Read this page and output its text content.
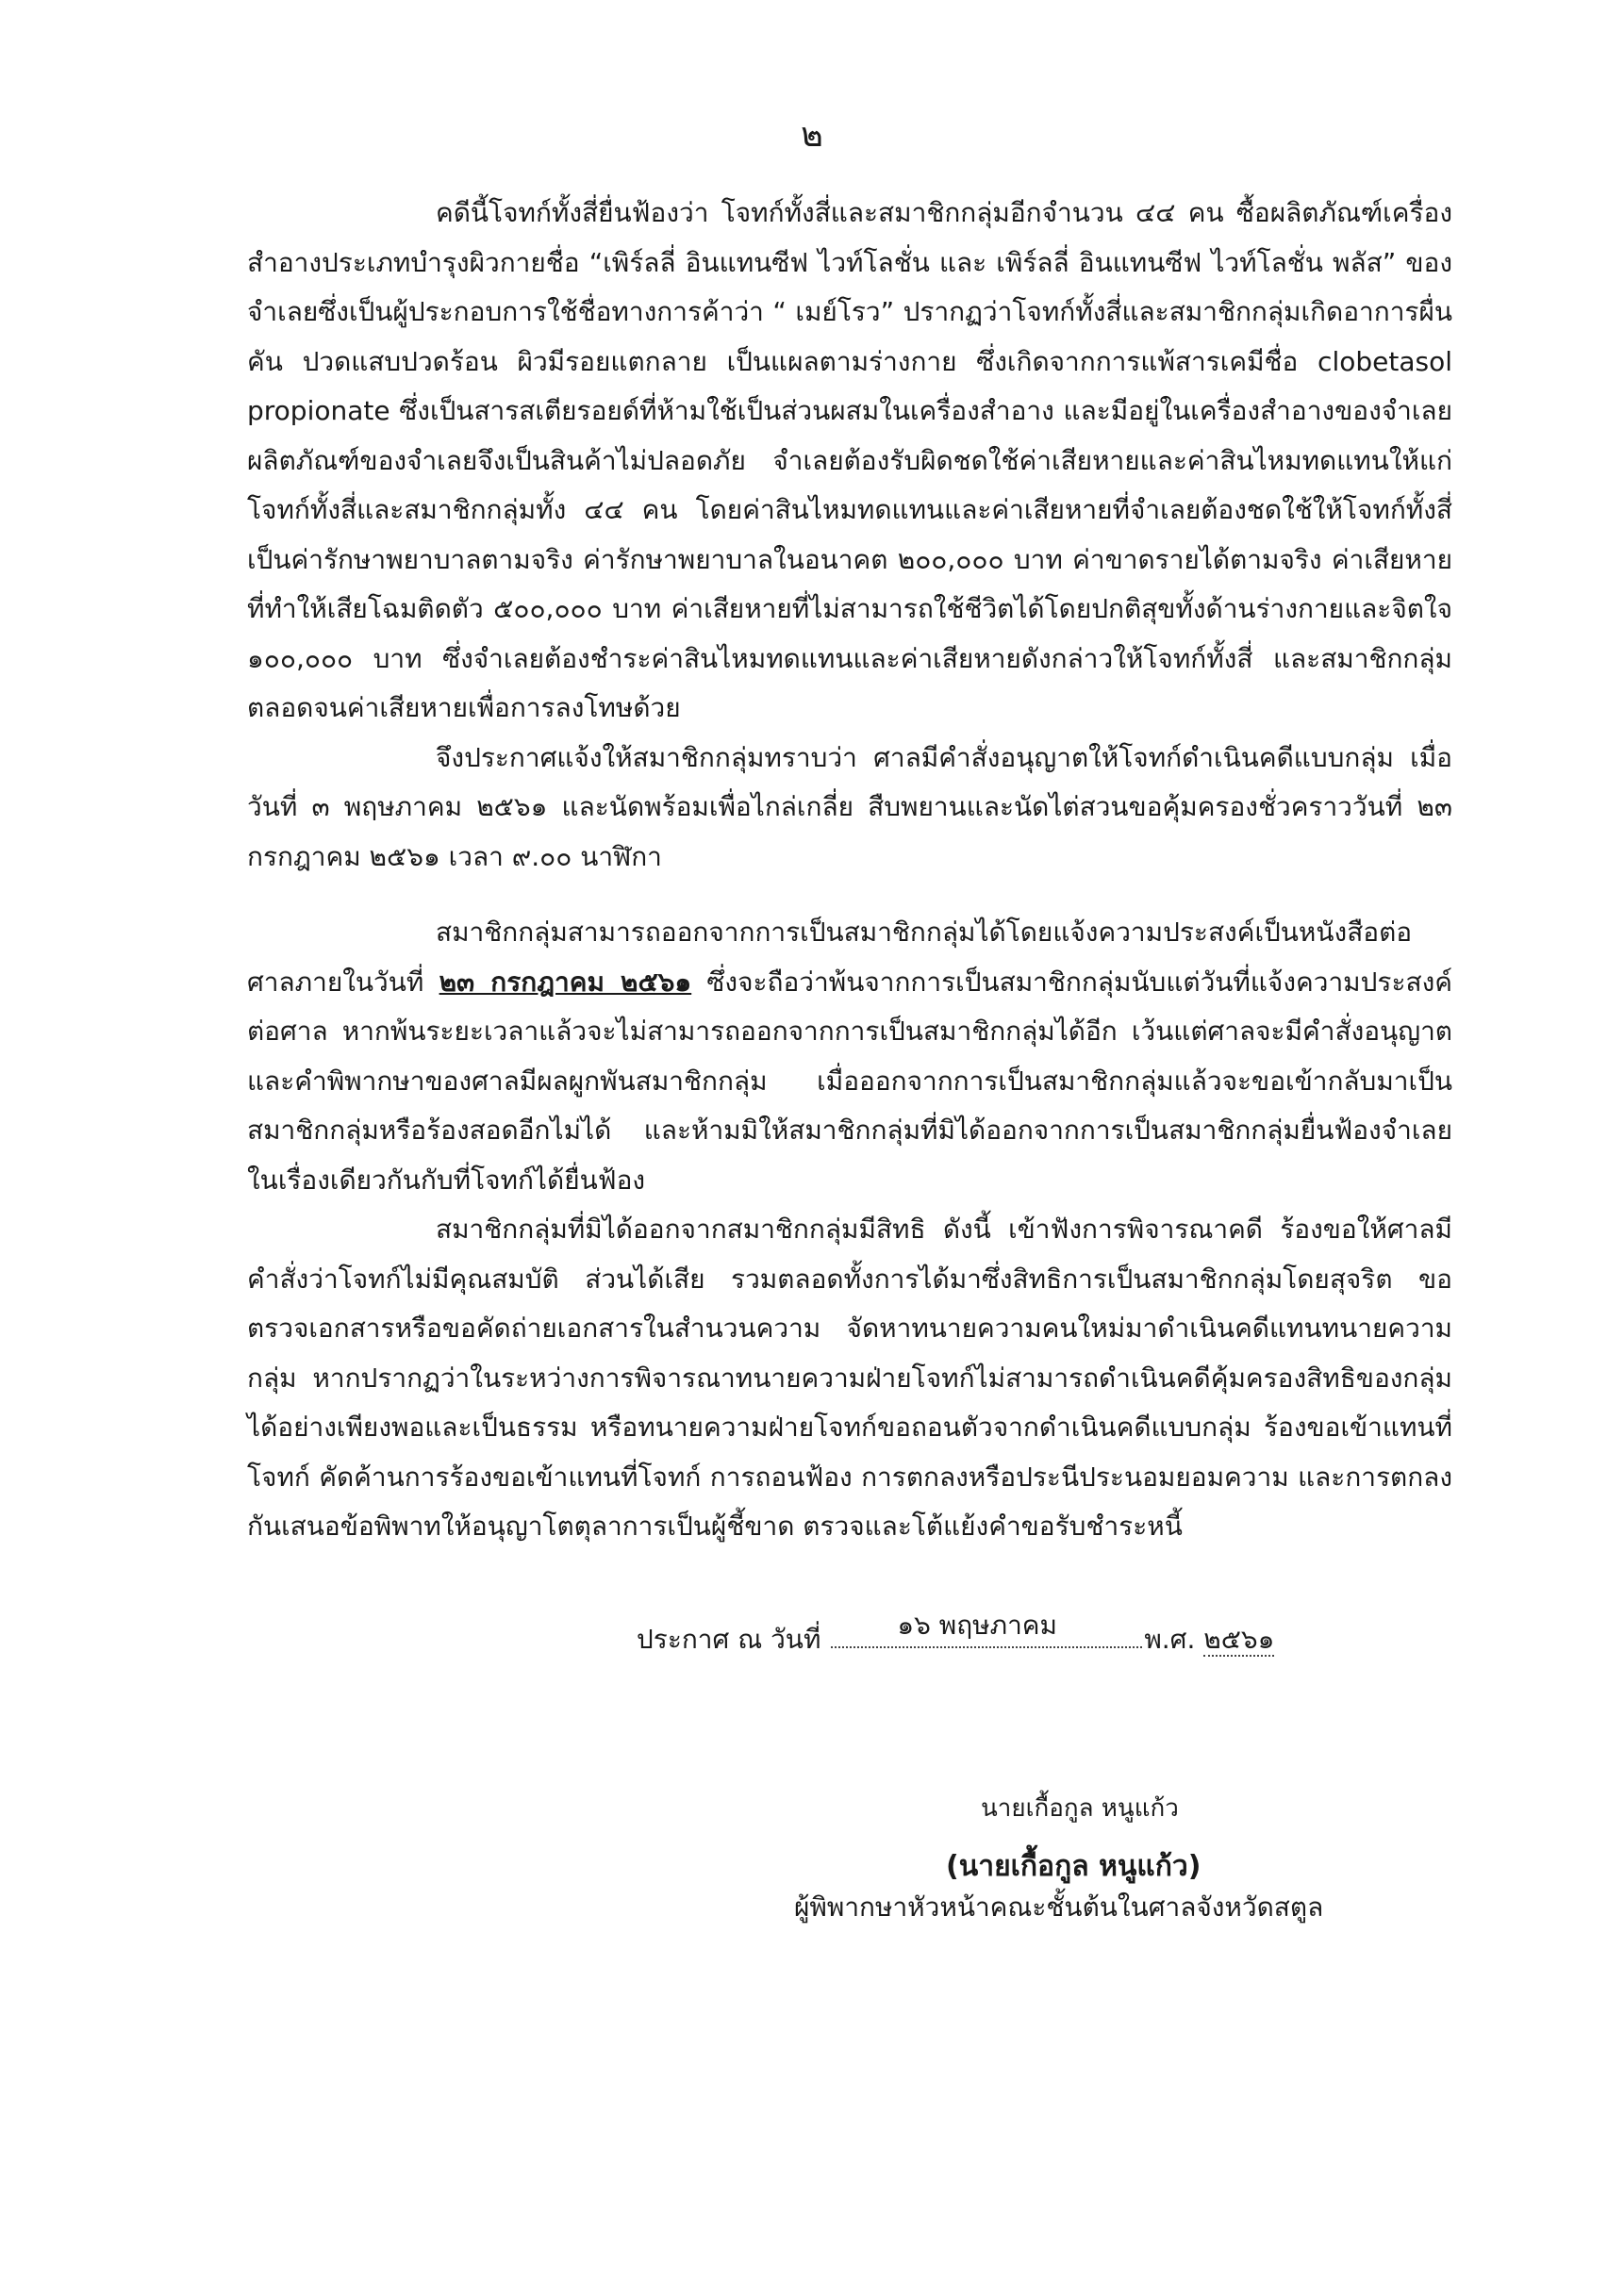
๒

คดีนี้โจทก์ทั้งสี่ยื่นฟ้องว่า โจทก์ทั้งสี่และสมาชิกกลุ่มอีกจำนวน ๔๔ คน ซื้อผลิตภัณฑ์เครื่องสำอางประเภทบำรุงผิวกายชื่อ “เพิร์ลลี่ อินแทนซีฟ ไวท์โลชั่น และ เพิร์ลลี่ อินแทนซีฟ ไวท์โลชั่น พลัส” ของจำเลยซึ่งเป็นผู้ประกอบการใช้ชื่อทางการค้าว่า “ เมย์โรว” ปรากฏว่าโจทก์ทั้งสี่และสมาชิกกลุ่มเกิดอาการผื่นคัน ปวดแสบปวดร้อน ผิวมีรอยแตกลาย เป็นแผลตามร่างกาย ซึ่งเกิดจากการแพ้สารเคมีชื่อ clobetasol propionate ซึ่งเป็นสารสเตียรอยด์ที่ห้ามใช้เป็นส่วนผสมในเครื่องสำอาง และมีอยู่ในเครื่องสำอางของจำเลย ผลิตภัณฑ์ของจำเลยจึงเป็นสินค้าไม่ปลอดภัย จำเลยต้องรับผิดชดใช้ค่าเสียหายและค่าสินไหมทดแทนให้แก่โจทก์ทั้งสี่และสมาชิกกลุ่มทั้ง ๔๔ คน โดยค่าสินไหมทดแทนและค่าเสียหายที่จำเลยต้องชดใช้ให้โจทก์ทั้งสี่เป็นค่ารักษาพยาบาลตามจริง ค่ารักษาพยาบาลในอนาคต ๒๐๐,๐๐๐ บาท ค่าขาดรายได้ตามจริง ค่าเสียหายที่ทำให้เสียโฉมติดตัว ๕๐๐,๐๐๐ บาท ค่าเสียหายที่ไม่สามารถใช้ชีวิตได้โดยปกติสุขทั้งด้านร่างกายและจิตใจ ๑๐๐,๐๐๐ บาท ซึ่งจำเลยต้องชำระค่าสินไหมทดแทนและค่าเสียหายดังกล่าวให้โจทก์ทั้งสี่ และสมาชิกกลุ่ม ตลอดจนค่าเสียหายเพื่อการลงโทษด้วย

จึงประกาศแจ้งให้สมาชิกกลุ่มทราบว่า ศาลมีคำสั่งอนุญาตให้โจทก์ดำเนินคดีแบบกลุ่ม เมื่อวันที่ ๓ พฤษภาคม ๒๕๖๑ และนัดพร้อมเพื่อไกล่เกลี่ย สืบพยานและนัดไต่สวนขอคุ้มครองชั่วคราววันที่ ๒๓ กรกฎาคม ๒๕๖๑ เวลา ๙.๐๐ นาฬิกา

สมาชิกกลุ่มสามารถออกจากการเป็นสมาชิกกลุ่มได้โดยแจ้งความประสงค์เป็นหนังสือต่อศาลภายในวันที่ ๒๓ กรกฎาคม ๒๕๖๑ ซึ่งจะถือว่าพ้นจากการเป็นสมาชิกกลุ่มนับแต่วันที่แจ้งความประสงค์ต่อศาล หากพ้นระยะเวลาแล้วจะไม่สามารถออกจากการเป็นสมาชิกกลุ่มได้อีก เว้นแต่ศาลจะมีคำสั่งอนุญาต และคำพิพากษาของศาลมีผลผูกพันสมาชิกกลุ่ม เมื่อออกจากการเป็นสมาชิกกลุ่มแล้วจะขอเข้ากลับมาเป็นสมาชิกกลุ่มหรือร้องสอดอีกไม่ได้ และห้ามมิให้สมาชิกกลุ่มที่มิได้ออกจากการเป็นสมาชิกกลุ่มยื่นฟ้องจำเลยในเรื่องเดียวกันกับที่โจทก์ได้ยื่นฟ้อง

สมาชิกกลุ่มที่มิได้ออกจากสมาชิกกลุ่มมีสิทธิ ดังนี้ เข้าฟังการพิจารณาคดี ร้องขอให้ศาลมีคำสั่งว่าโจทก์ไม่มีคุณสมบัติ ส่วนได้เสีย รวมตลอดทั้งการได้มาซึ่งสิทธิการเป็นสมาชิกกลุ่มโดยสุจริต ขอตรวจเอกสารหรือขอคัดถ่ายเอกสารในสำนวนความ จัดหาทนายความคนใหม่มาดำเนินคดีแทนทนายความกลุ่ม หากปรากฏว่าในระหว่างการพิจารณาทนายความฝ่ายโจทก์ไม่สามารถดำเนินคดีคุ้มครองสิทธิของกลุ่มได้อย่างเพียงพอและเป็นธรรม หรือทนายความฝ่ายโจทก์ขอถอนตัวจากดำเนินคดีแบบกลุ่ม ร้องขอเข้าแทนที่โจทก์ คัดค้านการร้องขอเข้าแทนที่โจทก์ การถอนฟ้อง การตกลงหรือประนีประนอมยอมความ และการตกลงกันเสนอข้อพิพาทให้อนุญาโตตุลาการเป็นผู้ชี้ขาด ตรวจและโต้แย้งคำขอรับชำระหนี้

ประกาศ ณ วันที่	๑๖ พฤษภาคม	พ.ศ. ๒๕๖๑
นายเกื้อกูล หนูแก้ว
(นายเกื้อกูล หนูแก้ว)
ผู้พิพากษาหัวหน้าคณะชั้นต้นในศาลจังหวัดสตูล
